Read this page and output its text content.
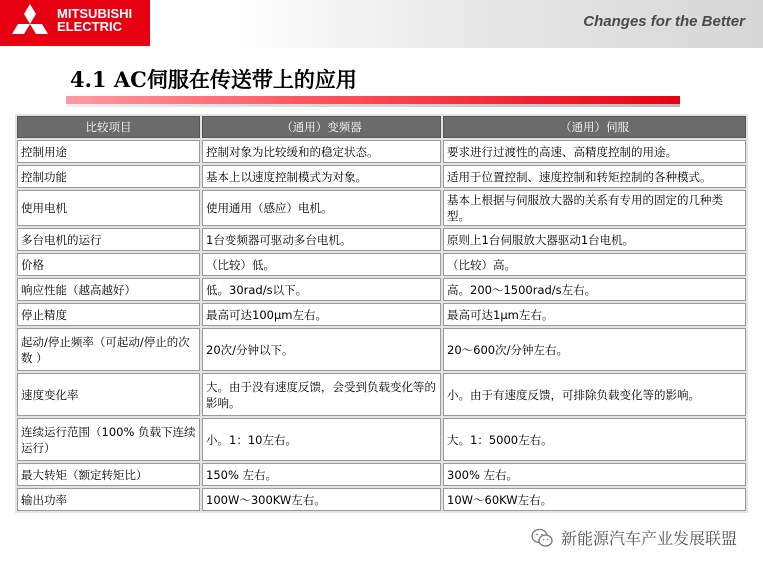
MITSUBISHI
ELECTRIC	Changes for the Better
4.1 AC伺服在传送带上的应用
比较项目	（通用）变频器	（通用）伺服
控制用途	控制对象为比较缓和的稳定状态。	要求进行过渡性的高速、高精度控制的用途。
控制功能	基本上以速度控制模式为对象。	适用于位置控制、速度控制和转矩控制的各种模式。
使用电机	使用通用（感应）电机。	基本上根据与伺服放大器的关系有专用的固定的几种类型。
多台电机的运行	1台变频器可驱动多台电机。	原则上1台伺服放大器驱动1台电机。
价格	（比较）低。	（比较）高。
响应性能（越高越好）	低。30rad/s以下。	高。200～1500rad/s左右。
停止精度	最高可达100μm左右。	最高可达1μm左右。
起动/停止频率（可起动/停止的次数 ）	20次/分钟以下。	20～600次/分钟左右。
速度变化率	大。由于没有速度反馈，会受到负载变化等的影响。	小。由于有速度反馈，可排除负载变化等的影响。
连续运行范围（100% 负载下连续运行）	小。1：10左右。	大。1：5000左右。
最大转矩（额定转矩比）	150% 左右。	300% 左右。
输出功率	100W～300KW左右。	10W～60KW左右。
新能源汽车产业发展联盟
